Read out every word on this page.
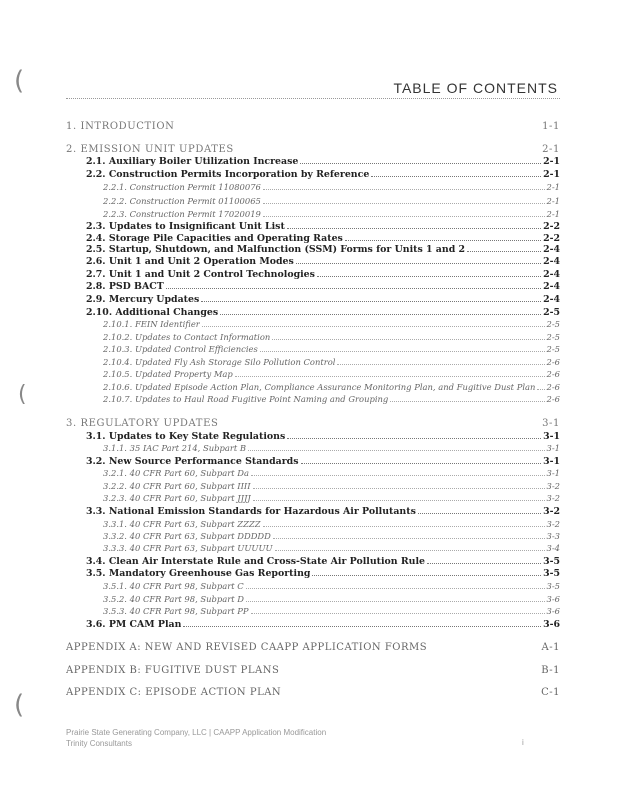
(
(
(
TABLE OF CONTENTS
1. INTRODUCTION	1-1
2. EMISSION UNIT UPDATES	2-1
2.1. Auxiliary Boiler Utilization Increase	2-1
2.2. Construction Permits Incorporation by Reference	2-1
2.2.1. Construction Permit 11080076	2-1
2.2.2. Construction Permit 01100065	2-1
2.2.3. Construction Permit 17020019	2-1
2.3. Updates to Insignificant Unit List	2-2
2.4. Storage Pile Capacities and Operating Rates	2-2
2.5. Startup, Shutdown, and Malfunction (SSM) Forms for Units 1 and 2	2-4
2.6. Unit 1 and Unit 2 Operation Modes	2-4
2.7. Unit 1 and Unit 2 Control Technologies	2-4
2.8. PSD BACT	2-4
2.9. Mercury Updates	2-4
2.10. Additional Changes	2-5
2.10.1. FEIN Identifier	2-5
2.10.2. Updates to Contact Information	2-5
2.10.3. Updated Control Efficiencies	2-5
2.10.4. Updated Fly Ash Storage Silo Pollution Control	2-6
2.10.5. Updated Property Map	2-6
2.10.6. Updated Episode Action Plan, Compliance Assurance Monitoring Plan, and Fugitive Dust Plan 2-6
2.10.7. Updates to Haul Road Fugitive Point Naming and Grouping	2-6
3. REGULATORY UPDATES	3-1
3.1. Updates to Key State Regulations	3-1
3.1.1. 35 IAC Part 214, Subpart B	3-1
3.2. New Source Performance Standards	3-1
3.2.1. 40 CFR Part 60, Subpart Da	3-1
3.2.2. 40 CFR Part 60, Subpart IIII	3-2
3.2.3. 40 CFR Part 60, Subpart JJJJ	3-2
3.3. National Emission Standards for Hazardous Air Pollutants	3-2
3.3.1. 40 CFR Part 63, Subpart ZZZZ	3-2
3.3.2. 40 CFR Part 63, Subpart DDDDD	3-3
3.3.3. 40 CFR Part 63, Subpart UUUUU	3-4
3.4. Clean Air Interstate Rule and Cross-State Air Pollution Rule	3-5
3.5. Mandatory Greenhouse Gas Reporting	3-5
3.5.1. 40 CFR Part 98, Subpart C	3-5
3.5.2. 40 CFR Part 98, Subpart D	3-6
3.5.3. 40 CFR Part 98, Subpart PP	3-6
3.6. PM CAM Plan	3-6
APPENDIX A: NEW AND REVISED CAAPP APPLICATION FORMS	A-1
APPENDIX B: FUGITIVE DUST PLANS	B-1
APPENDIX C: EPISODE ACTION PLAN	C-1
Prairie State Generating Company, LLC | CAAPP Application Modification
Trinity Consultants	i
